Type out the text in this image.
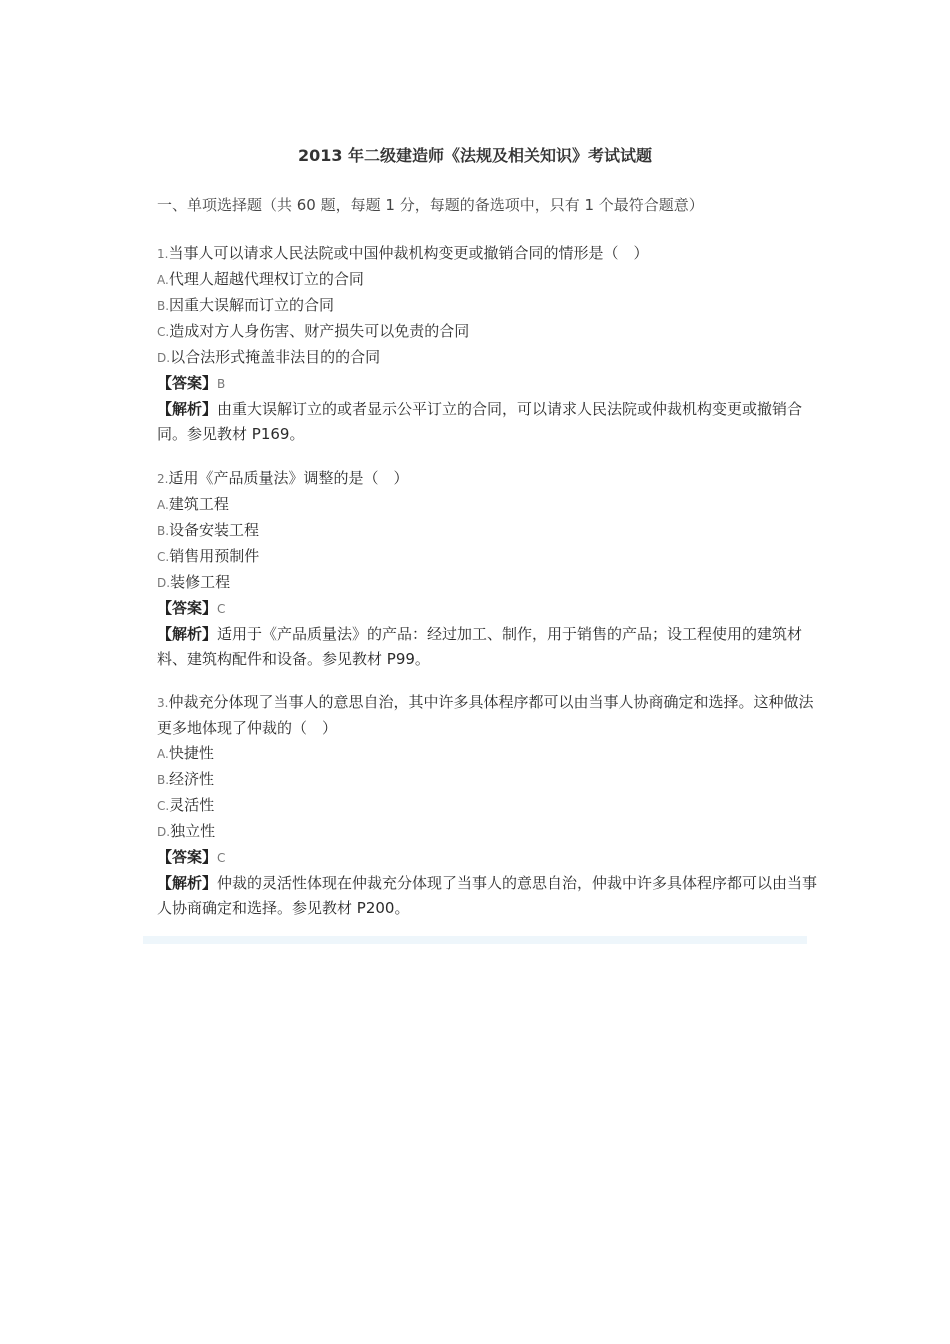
2013 年二级建造师《法规及相关知识》考试试题
一、单项选择题（共 60 题，每题 1 分，每题的备选项中，只有 1 个最符合题意）
1.当事人可以请求人民法院或中国仲裁机构变更或撤销合同的情形是（　）
A.代理人超越代理权订立的合同
B.因重大误解而订立的合同
C.造成对方人身伤害、财产损失可以免责的合同
D.以合法形式掩盖非法目的的合同
【答案】B
【解析】由重大误解订立的或者显示公平订立的合同，可以请求人民法院或仲裁机构变更或撤销合同。参见教材 P169。
2.适用《产品质量法》调整的是（　）
A.建筑工程
B.设备安装工程
C.销售用预制件
D.装修工程
【答案】C
【解析】适用于《产品质量法》的产品：经过加工、制作，用于销售的产品；设工程使用的建筑材料、建筑构配件和设备。参见教材 P99。
3.仲裁充分体现了当事人的意思自治，其中许多具体程序都可以由当事人协商确定和选择。这种做法更多地体现了仲裁的（　）
A.快捷性
B.经济性
C.灵活性
D.独立性
【答案】C
【解析】仲裁的灵活性体现在仲裁充分体现了当事人的意思自治，仲裁中许多具体程序都可以由当事人协商确定和选择。参见教材 P200。
